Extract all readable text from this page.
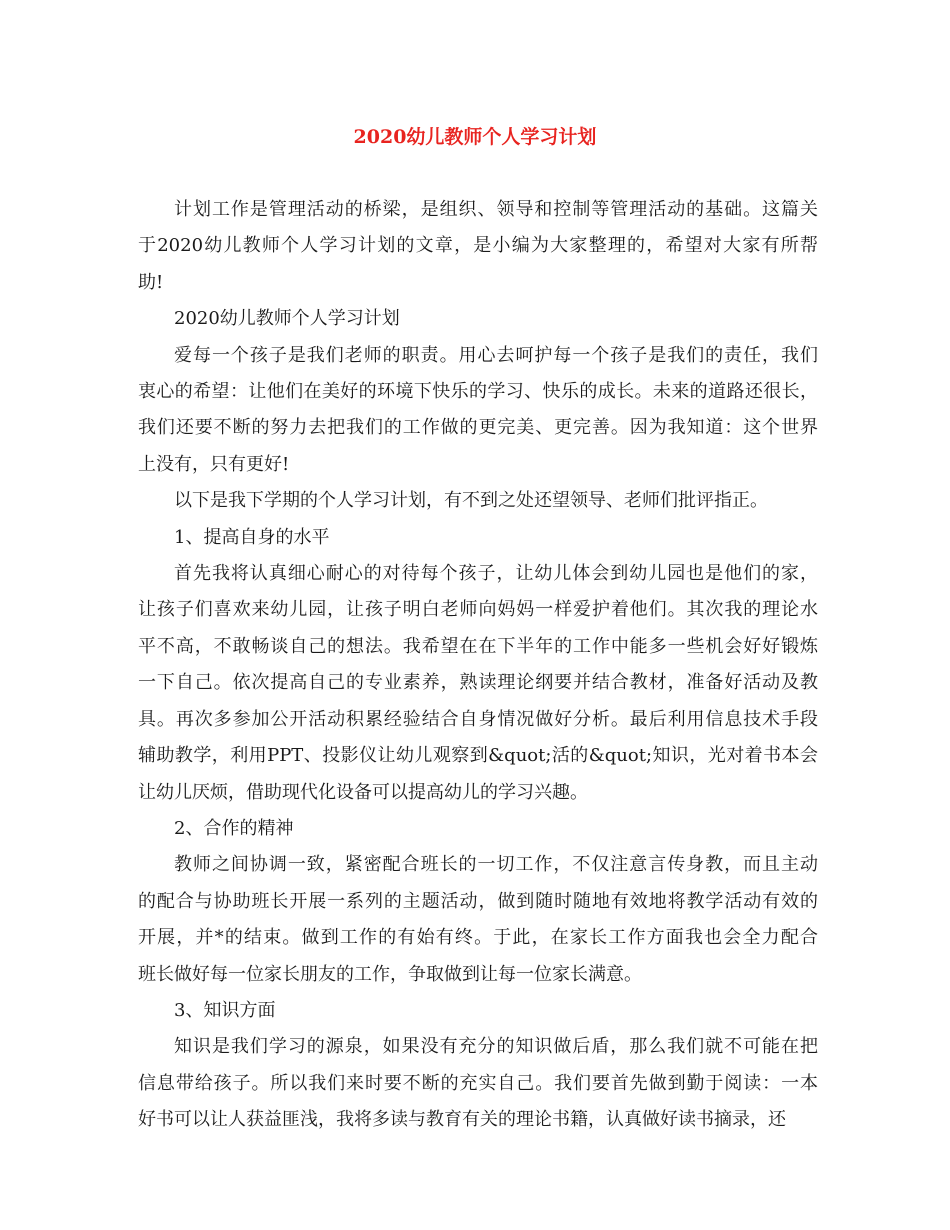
2020幼儿教师个人学习计划
计划工作是管理活动的桥梁，是组织、领导和控制等管理活动的基础。这篇关
于2020幼儿教师个人学习计划的文章，是小编为大家整理的，希望对大家有所帮
助!
2020幼儿教师个人学习计划
爱每一个孩子是我们老师的职责。用心去呵护每一个孩子是我们的责任，我们
衷心的希望：让他们在美好的环境下快乐的学习、快乐的成长。未来的道路还很长，
我们还要不断的努力去把我们的工作做的更完美、更完善。因为我知道：这个世界
上没有，只有更好!
以下是我下学期的个人学习计划，有不到之处还望领导、老师们批评指正。
1、提高自身的水平
首先我将认真细心耐心的对待每个孩子，让幼儿体会到幼儿园也是他们的家，
让孩子们喜欢来幼儿园，让孩子明白老师向妈妈一样爱护着他们。其次我的理论水
平不高，不敢畅谈自己的想法。我希望在在下半年的工作中能多一些机会好好锻炼
一下自己。依次提高自己的专业素养，熟读理论纲要并结合教材，准备好活动及教
具。再次多参加公开活动积累经验结合自身情况做好分析。最后利用信息技术手段
辅助教学，利用PPT、投影仪让幼儿观察到&quot;活的&quot;知识，光对着书本会
让幼儿厌烦，借助现代化设备可以提高幼儿的学习兴趣。
2、合作的精神
教师之间协调一致，紧密配合班长的一切工作，不仅注意言传身教，而且主动
的配合与协助班长开展一系列的主题活动，做到随时随地有效地将教学活动有效的
开展，并*的结束。做到工作的有始有终。于此，在家长工作方面我也会全力配合
班长做好每一位家长朋友的工作，争取做到让每一位家长满意。
3、知识方面
知识是我们学习的源泉，如果没有充分的知识做后盾，那么我们就不可能在把
信息带给孩子。所以我们来时要不断的充实自己。我们要首先做到勤于阅读：一本
好书可以让人获益匪浅，我将多读与教育有关的理论书籍，认真做好读书摘录，还
